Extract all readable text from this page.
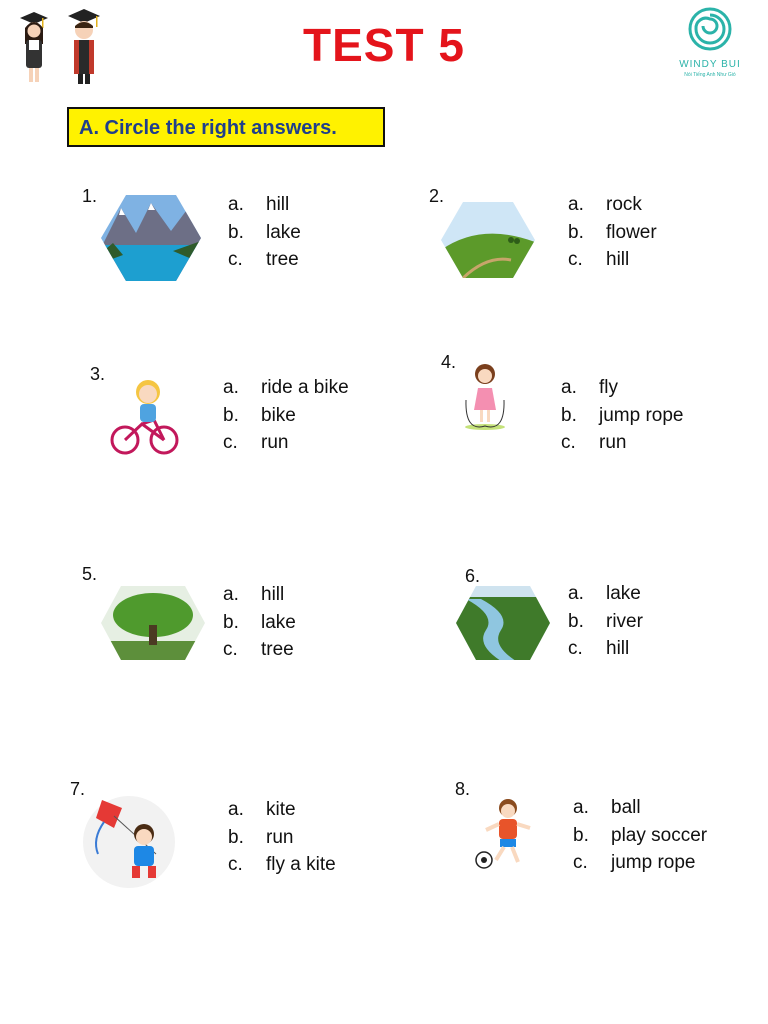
TEST 5	WINDY BUI
Nói Tiếng Anh Như Gió
A. Circle the right answers.
1.	a.	hill
b.	lake
c.	tree
2.	a.	rock
b.	flower
c.	hill
3.
a.	ride a bike
b.	bike
c.	run
4.
a.	fly
b.	jump rope
c.	run
5.
a.	hill
b.	lake
c.	tree
6.
a.	lake
b.	river
c.	hill
7.
a.	kite
b.	run
c.	fly a kite
8.
a.	ball
b.	play soccer
c.	jump rope
